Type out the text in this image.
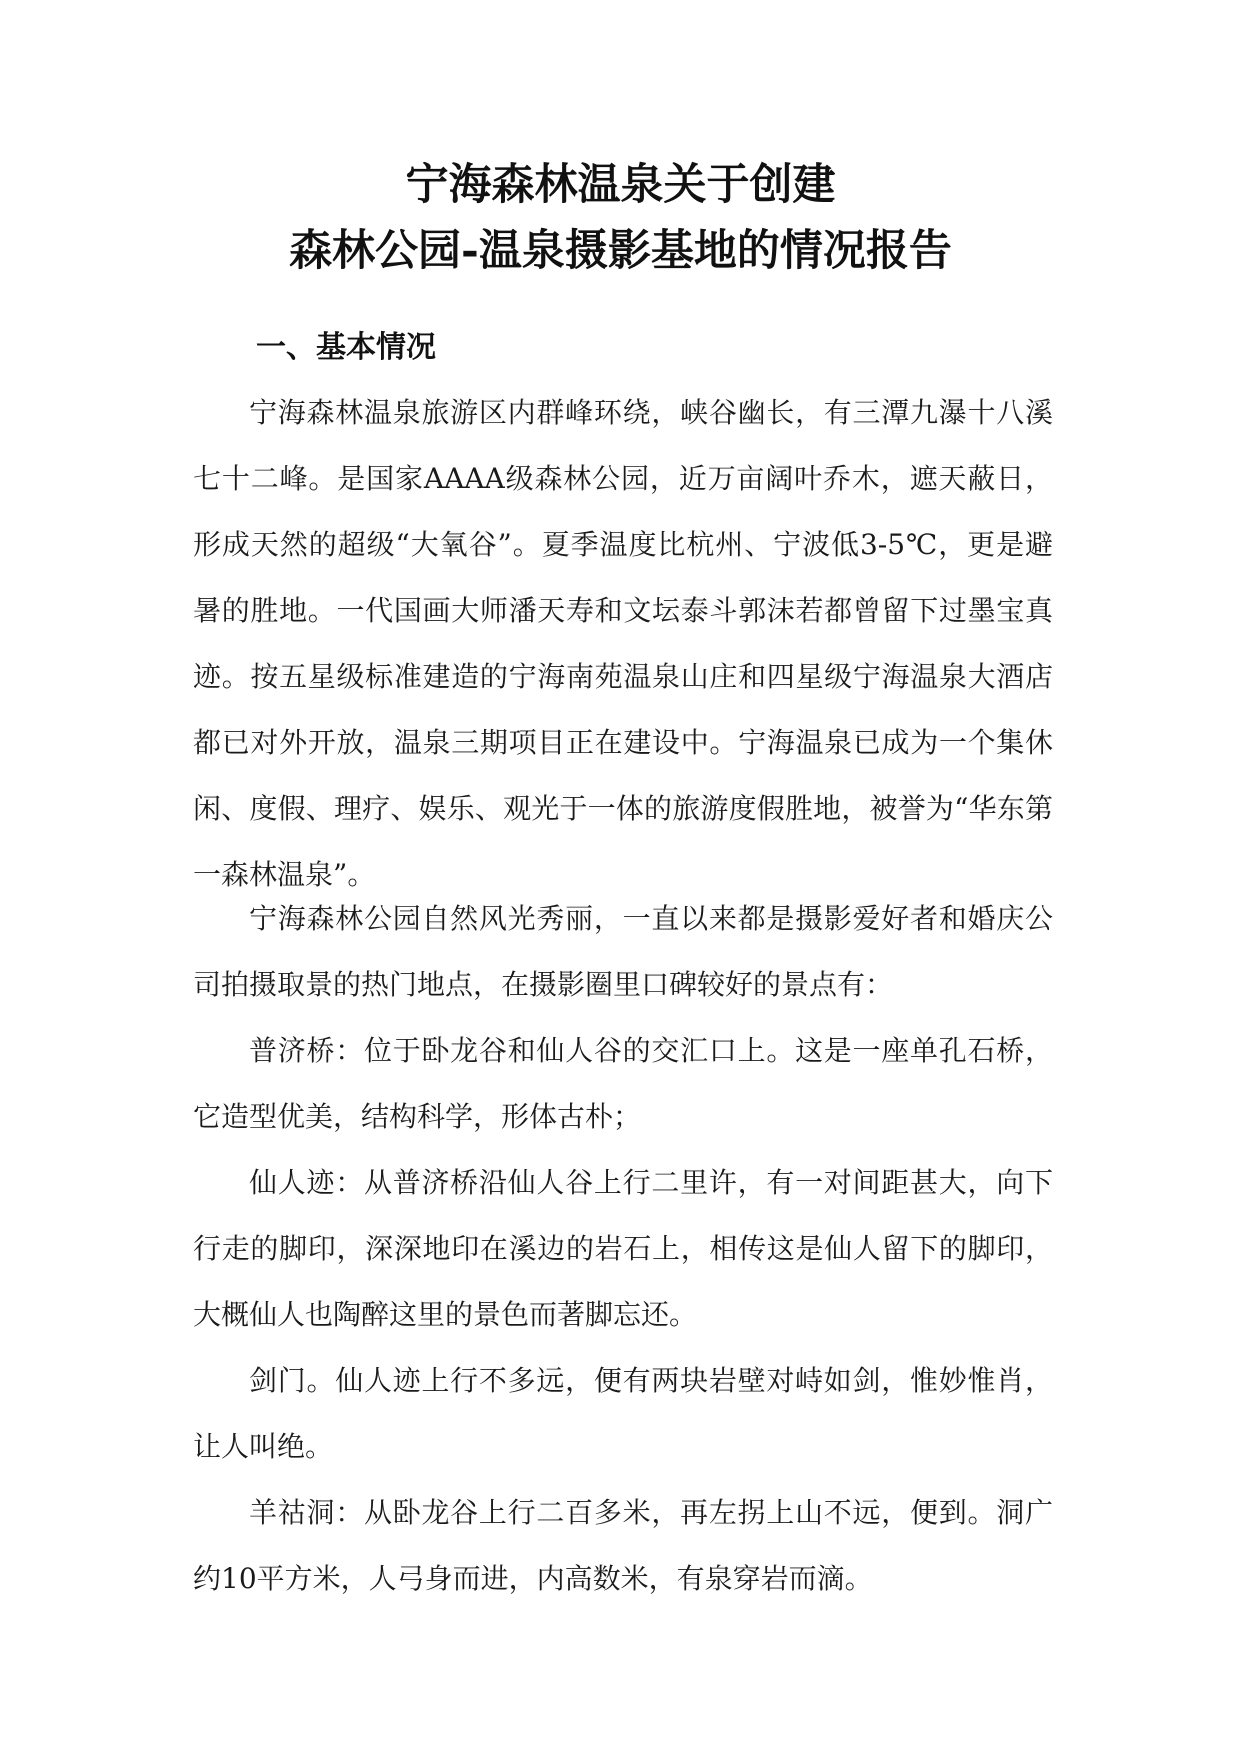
宁海森林温泉关于创建
森林公园-温泉摄影基地的情况报告
一、基本情况

宁海森林温泉旅游区内群峰环绕，峡谷幽长，有三潭九瀑十八溪七十二峰。是国家AAAA级森林公园，近万亩阔叶乔木，遮天蔽日，形成天然的超级“大氧谷”。夏季温度比杭州、宁波低3-5℃，更是避暑的胜地。一代国画大师潘天寿和文坛泰斗郭沫若都曾留下过墨宝真迹。按五星级标准建造的宁海南苑温泉山庄和四星级宁海温泉大酒店都已对外开放，温泉三期项目正在建设中。宁海温泉已成为一个集休闲、度假、理疗、娱乐、观光于一体的旅游度假胜地，被誉为“华东第一森林温泉”。

宁海森林公园自然风光秀丽，一直以来都是摄影爱好者和婚庆公司拍摄取景的热门地点，在摄影圈里口碑较好的景点有：

普济桥：位于卧龙谷和仙人谷的交汇口上。这是一座单孔石桥，它造型优美，结构科学，形体古朴；

仙人迹：从普济桥沿仙人谷上行二里许，有一对间距甚大，向下行走的脚印，深深地印在溪边的岩石上，相传这是仙人留下的脚印，大概仙人也陶醉这里的景色而著脚忘还。

剑门。仙人迹上行不多远，便有两块岩壁对峙如剑，惟妙惟肖，让人叫绝。

羊祜洞：从卧龙谷上行二百多米，再左拐上山不远，便到。洞广约10平方米，人弓身而进，内高数米，有泉穿岩而滴。
